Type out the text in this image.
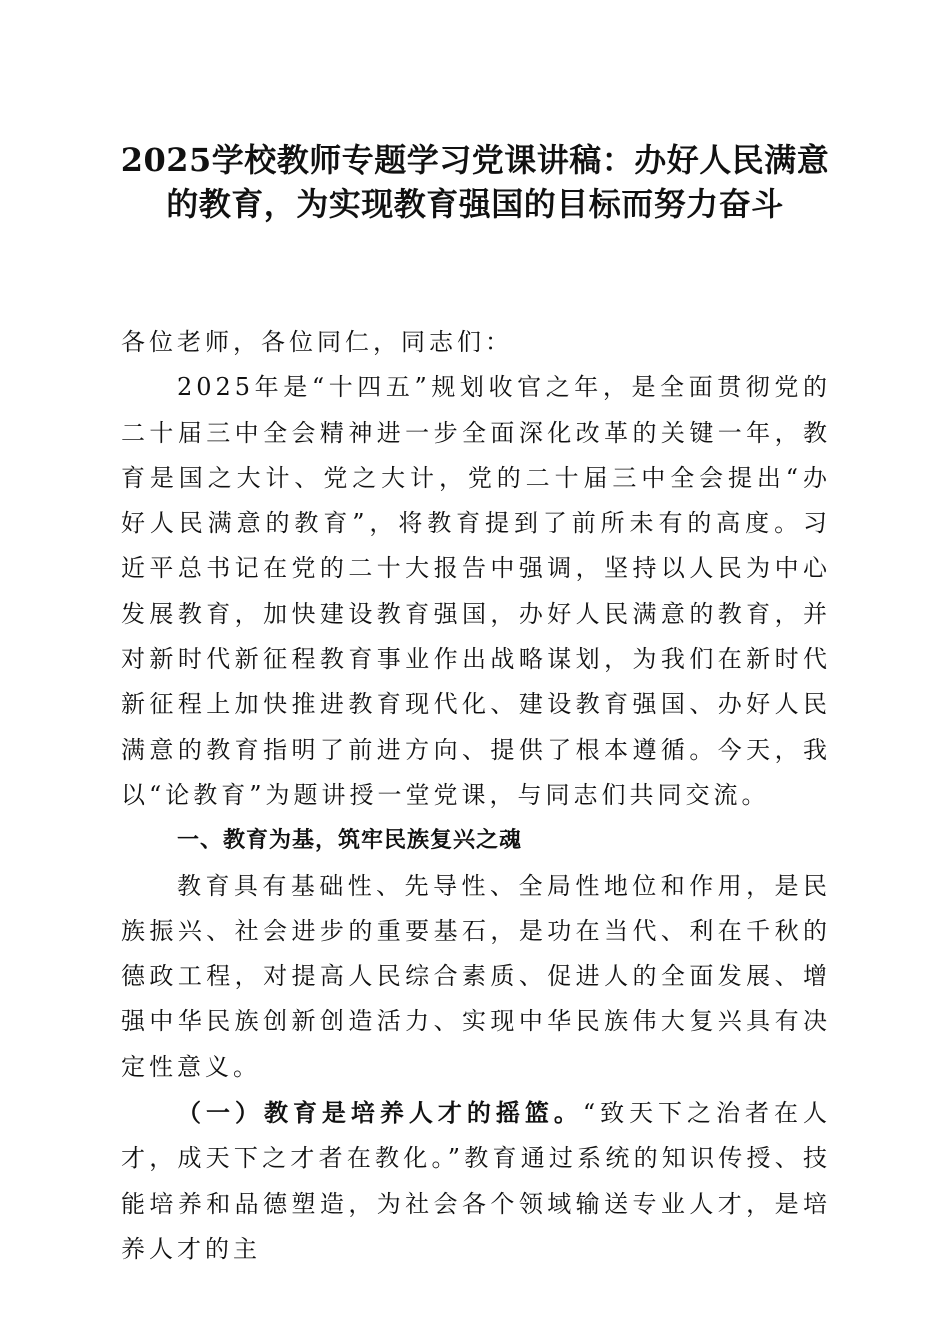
2025学校教师专题学习党课讲稿：办好人民满意的教育，为实现教育强国的目标而努力奋斗

各位老师，各位同仁，同志们：

2025年是“十四五”规划收官之年，是全面贯彻党的二十届三中全会精神进一步全面深化改革的关键一年，教育是国之大计、党之大计，党的二十届三中全会提出“办好人民满意的教育”，将教育提到了前所未有的高度。习近平总书记在党的二十大报告中强调，坚持以人民为中心发展教育，加快建设教育强国，办好人民满意的教育，并对新时代新征程教育事业作出战略谋划，为我们在新时代新征程上加快推进教育现代化、建设教育强国、办好人民满意的教育指明了前进方向、提供了根本遵循。今天，我以“论教育”为题讲授一堂党课，与同志们共同交流。

一、教育为基，筑牢民族复兴之魂

教育具有基础性、先导性、全局性地位和作用，是民族振兴、社会进步的重要基石，是功在当代、利在千秋的德政工程，对提高人民综合素质、促进人的全面发展、增强中华民族创新创造活力、实现中华民族伟大复兴具有决定性意义。

（一）教育是培养人才的摇篮。“致天下之治者在人才，成天下之才者在教化。”教育通过系统的知识传授、技能培养和品德塑造，为社会各个领域输送专业人才，是培养人才的主
